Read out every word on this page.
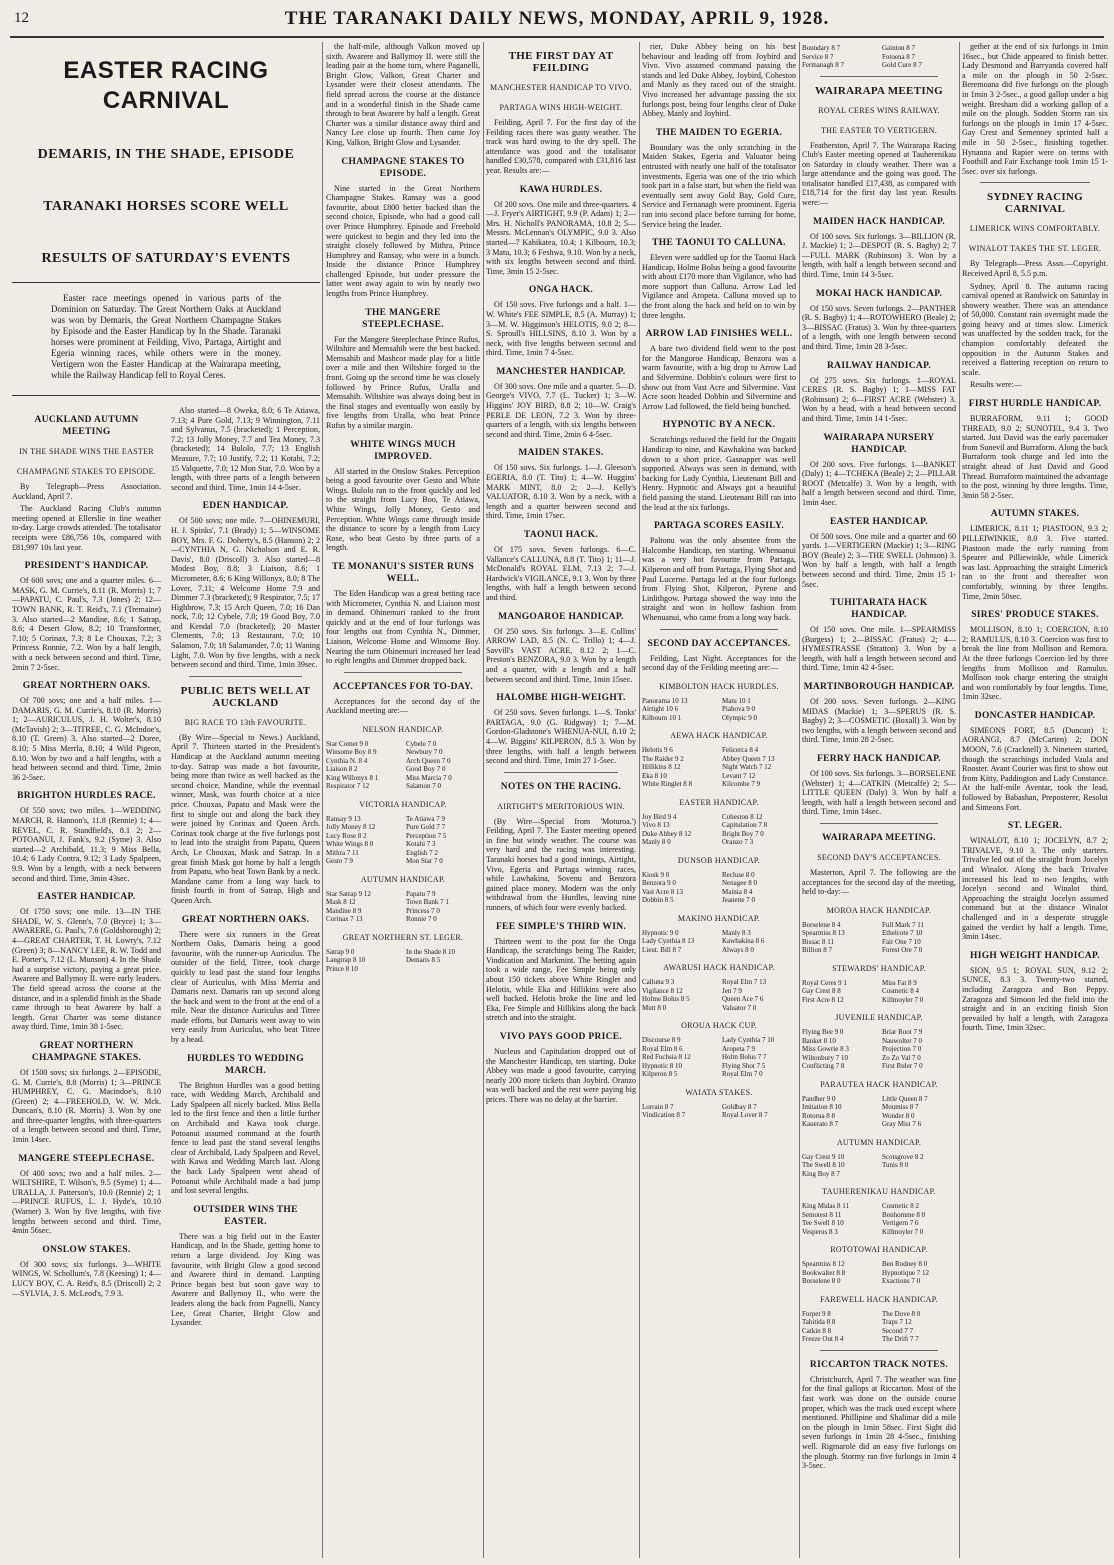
12	THE TARANAKI DAILY NEWS, MONDAY, APRIL 9, 1928.
EASTER RACING CARNIVAL
DEMARIS, IN THE SHADE, EPISODE
TARANAKI HORSES SCORE WELL
RESULTS OF SATURDAY'S EVENTS

Easter race meetings opened in various parts of the Dominion on Saturday. The Great Northern Oaks at Auckland was won by Demaris, the Great Northern Champagne Stakes by Episode and the Easter Handicap by In the Shade. Taranaki horses were prominent at Feilding, Vivo, Partaga, Airtight and Egeria winning races, while others were in the money. Vertigern won the Easter Handicap at the Wairarapa meeting, while the Railway Handicap fell to Royal Ceres.

AUCKLAND AUTUMN MEETING
IN THE SHADE WINS THE EASTER
CHAMPAGNE STAKES TO EPISODE.

By Telegraph—Press Association. Auckland, April 7.

The Auckland Racing Club's autumn meeting opened at Ellerslie in fine weather to-day. Large crowds attended. The totalisator receipts were £86,756 10s, compared with £81,997 10s last year.

PRESIDENT'S HANDICAP.

Of 600 sovs; one and a quarter miles. 6—MASK, G. M. Currie's, 8.11 (R. Morris) 1; 7—PAPATU, C. Paul's, 7.3 (Jones) 2; 12—TOWN BANK, R. T. Reid's, 7.1 (Tremaine) 3. Also started—2 Mandine, 8.6; 1 Satrap, 8.6; 4 Desert Glow, 8.2; 10 Transformer, 7.10; 5 Corinax, 7.3; 8 Le Chouxas, 7.2; 3 Princess Ronnie, 7.2. Won by a half length, with a neck between second and third. Time, 2min 7 2-5sec.

GREAT NORTHERN OAKS.

Of 700 sovs; one and a half miles. 1—DAMARIS, G. M. Currie's, 8.10 (R. Morris) 1; 2—AURICULUS, J. H. Wolter's, 8.10 (McTavish) 2; 3—TITREE, C. G. McIndoe's, 8.10 (T. Green) 3. Also started—2 Doree, 8.10; 5 Miss Merrla, 8.10; 4 Wild Pigeon, 8.10. Won by two and a half lengths, with a head between second and third. Time, 2min 36 2-5sec.

BRIGHTON HURDLES RACE.

Of 550 sovs; two miles. 1—WEDDING MARCH, R. Hannon's, 11.8 (Rennie) 1; 4—REVEL, C. R. Standfield's, 8.1 2; 2—POTOANUI, J. Fank's, 9.2 (Syme) 3. Also started—2 Archibald, 11.3; 9 Miss Bella, 10.4; 6 Lady Contra, 9.12; 3 Lady Spalpeen, 9.9. Won by a length, with a neck between second and third. Time, 3min 43sec.

EASTER HANDICAP.

Of 1750 sovs; one mile. 13—IN THE SHADE, W. S. Glenn's, 7.0 (Bryce) 1; 3—AWARERE, G. Paul's, 7.6 (Goldsborough) 2; 4—GREAT CHARTER, T. H. Lowry's, 7.12 (Green) 3; 8—NANCY LEE, R. W. Todd and E. Porter's, 7.12 (L. Munson) 4. In the Shade had a surprise victory, paying a great price. Awarere and Ballymoy II. were early leaders. The field spread across the course at the distance, and in a splendid finish in the Shade came through to beat Awarere by half a length. Great Charter was some distance away third. Time, 1min 38 1-5sec.

GREAT NORTHERN CHAMPAGNE STAKES.

Of 1500 sovs; six furlongs. 2—EPISODE, G. M. Currie's, 8.8 (Morris) 1; 3—PRINCE HUMPHREY, C. G. Macindoe's, 8.10 (Green) 2; 4—FREEHOLD, W. W. Mck. Duncan's, 8.10 (R. Morris) 3. Won by one and three-quarter lengths, with three-quarters of a length between second and third. Time, 1min 14sec.

MANGERE STEEPLECHASE.

Of 400 sovs; two and a half miles. 2—WILTSHIRE, T. Wilson's, 9.5 (Syme) 1; 4—URALLA, J. Patterson's, 10.0 (Rennie) 2; 1—PRINCE RUFUS, L. J. Hyde's, 10.10 (Warner) 3. Won by five lengths, with five lengths between second and third. Time, 4min 56sec.

ONSLOW STAKES.

Of 300 sovs; six furlongs. 3—WHITE WINGS, W. Schollum's, 7.8 (Keesing) 1; 4—LUCY BOY, C. A. Reid's, 8.5 (Driscoll) 2; 2—SYLVIA, J. S. McLeod's, 7.9 3.

Also started—8 Oweka, 8.0; 6 Te Atiawa, 7.13; 4 Pure Gold, 7.13; 9 Winnington, 7.11 and Sylvanus, 7.5 (bracketed); 1 Perception, 7.2; 13 Jolly Money, 7.7 and Tea Money, 7.3 (bracketed); 14 Bulolo, 7.7; 13 English Measure, 7.7; 10 Justify, 7.2; 11 Kotahi, 7.2; 15 Valquette, 7.0; 12 Mon Star, 7.0. Won by a length, with three parts of a length between second and third. Time, 1min 14 4-5sec.

EDEN HANDICAP.

Of 500 sovs; one mile. 7—OHINEMURI, H. J. Spinks', 7.1 (Brady) 1; 5—WINSOME BOY, Mrs. F. G. Doherty's, 8.5 (Hanson) 2; 2—CYNTHIA N, G. Nicholson and E. R. Davis', 8.0 (Driscoll) 3. Also started—8 Modest Boy, 8.8; 3 Liaison, 8.6; 1 Micrometer, 8.6; 6 King Willonyx, 8.0; 8 The Lover, 7.11; 4 Welcome Home 7.9 and Dimmer 7.3 (bracketed); 9 Respirator, 7.5; 17 Highbrow, 7.3; 15 Arch Queen, 7.0; 16 Dan nock, 7.0; 12 Cybele, 7.0; 19 Good Boy, 7.0 and Kendal 7.0 (bracketed); 20 Master Clements, 7.0; 13 Restaurant, 7.0; 10 Salamon, 7.0; 18 Salamander, 7.0; 11 Waning Light, 7.0. Won by five lengths, with a neck between second and third. Time, 1min 39sec.

PUBLIC BETS WELL AT AUCKLAND
BIG RACE TO 13th FAVOURITE.

(By Wire—Special to News.) Auckland, April 7. Thirteen started in the President's Handicap at the Auckland autumn meeting to-day. Satrap was made a hot favourite, being more than twice as well backed as the second choice, Mandine, while the eventual winner, Mask, was fourth choice at a nice price. Chouxas, Papatu and Mask were the first to single out and along the back they were joined by Corinax and Queen Arch. Corinax took charge at the five furlongs post to lead into the straight from Papatu, Queen Arch, Le Chouxas, Mask and Satrap. In a great finish Mask got home by half a length from Papatu, who beat Town Bank by a neck. Mandane came from a long way back to finish fourth in front of Satrap, High and Queen Arch.

GREAT NORTHERN OAKS.

There were six runners in the Great Northern Oaks, Damaris being a good favourite, with the runner-up Auriculus. The outsider of the field, Titree, took charge quickly to lead past the stand four lengths clear of Auriculus, with Miss Merria and Damaris next. Damaris ran up second along the back and went to the front at the end of a mile. Near the distance Auriculus and Titree made efforts, but Damaris went away to win very easily from Auriculus, who beat Titree by a head.

HURDLES TO WEDDING MARCH.

The Brighton Hurdles was a good betting race, with Wedding March, Archibald and Lady Spalpeen all nicely backed. Miss Bella led to the first fence and then a little further on Archibald and Kawa took charge. Potoanui assumed command at the fourth fence to lead past the stand several lengths clear of Archibald, Lady Spalpeen and Revel, with Kawa and Wedding March last. Along the back Lady Spalpeen went ahead of Potoanui while Archibald made a bad jump and lost several lengths.

OUTSIDER WINS THE EASTER.

There was a big field out in the Easter Handicap, and In the Shade, getting home to return a large dividend. Joy King was favourite, with Bright Glow a good second and Awarere third in demand. Lanpting Prince began best but soon gave way to Awarere and Ballymoy II., who were the leaders along the back from Pagnelli, Nancy Lee, Great Charter, Bright Glow and Lysander.

the half-mile, although Valkon moved up sixth. Awarere and Ballymoy II. were still the leading pair at the home turn, where Paganelli, Bright Glow, Valkon, Great Charter and Lysander were their closest attendants. The field spread across the course at the distance and in a wonderful finish in the Shade came through to beat Awarere by half a length. Great Charter was a similar distance away third and Nancy Lee close up fourth. Then came Joy King, Valkon, Bright Glow and Lysander.

CHAMPAGNE STAKES TO EPISODE.

Nine started in the Great Northern Champagne Stakes. Ransay was a good favourite, about £800 better backed than the second choice, Episode, who had a good call over Prince Humphrey. Episode and Freehold were quickest to begin and they led into the straight closely followed by Mithra, Prince Humphrey and Ransay, who were in a bunch. Inside the distance Prince Humphrey challenged Episode, but under pressure the latter went away again to win by nearly two lengths from Prince Humphrey.

THE MANGERE STEEPLECHASE.

For the Mangere Steeplechase Prince Rufus, Wiltshire and Memsahib were the best backed. Memsahib and Mashcor made play for a little over a mile and then Wiltshire forged to the front. Going up the second time he was closely followed by Prince Rufus, Uralla and Memsahib. Wiltshire was always doing best in the final stages and eventually won easily by five lengths from Uralla, who beat Prince Rufus by a similar margin.

WHITE WINGS MUCH IMPROVED.

All started in the Onslow Stakes. Perception being a good favourite over Gesto and White Wings. Bulolo ran to the front quickly and led to the straight from Lucy Boo, Te Atiawa, White Wings, Jolly Money, Gesto and Perception. White Wings came through inside the distance to score by a length from Lucy Rose, who beat Gesto by three parts of a length.

TE MONANUI'S SISTER RUNS WELL.

The Eden Handicap was a great betting race with Micrometer, Cynthia N. and Liaison most in demand. Ohinemuri ranked to the front quickly and at the end of four furlongs was four lengths out from Cynthia N., Dimmer, Liaison, Welcome Home and Winsome Boy. Nearing the turn Ohinemuri increased her lead to eight lengths and Dimmer dropped back.

ACCEPTANCES FOR TO-DAY.

Acceptances for the second day of the Auckland meeting are:—

NELSON HANDICAP.
Star Comet 9 0	Cybele 7 0
Winsome Boy 8 9	Newbury 7 0
Cynthia N. 8 4	Arch Queen 7 0
Liaison 8 2	Good Boy 7 0
King Willonyx 8 1	Miss Marcia 7 0
Respirator 7 12	Salamon 7 0
VICTORIA HANDICAP.
Ransay 9 13	Te Atiawa 7 9
Jolly Money 8 12	Pure Gold 7 7
Lucy Rose 8 2	Perception 7 5
White Wings 8 0	Kotahi 7 3
Mithra 7 11	English 7 2
Gesto 7 9	Mon Star 7 0
AUTUMN HANDICAP.
Star Satrap 9 12	Papatu 7 9
Mask 8 12	Town Bank 7 1
Mandine 8 9	Princess 7 0
Corinax 7 13	Ronnie 7 0
GREAT NORTHERN ST. LEGER.
Satrap 9 0	In the Shade 8 10
Langtrap 8 10	Demaris 8 5
Prince 8 10
THE FIRST DAY AT FEILDING
MANCHESTER HANDICAP TO VIVO.
PARTAGA WINS HIGH-WEIGHT.

Feilding, April 7. For the first day of the Feilding races there was gusty weather. The track was hard owing to the dry spell. The attendance was good and the totalisator handled £30,578, compared with £31,816 last year. Results are:—

KAWA HURDLES.

Of 200 sovs. One mile and three-quarters. 4—J. Fryer's AIRTIGHT, 9.9 (P. Adam) 1; 2—Mrs. H. Nicholl's PANORAMA, 10.8 2; 5—Messrs. McLennan's OLYMPIC, 9.0 3. Also started—7 Kahikatea, 10.4; 1 Kilbourn, 10.3; 3 Matu, 10.3; 6 Feshwa, 9.10. Won by a neck, with six lengths between second and third. Time, 3min 15 2-5sec.

ONGA HACK.

Of 150 sovs. Five furlongs and a half. 1—W. White's FEE SIMPLE, 8.5 (A. Murray) 1; 3—M. W. Higginson's HELOTIS, 9.0 2; 8—S. Sproull's HILLSINS, 8.10 3. Won by a neck, with five lengths between second and third. Time, 1min 7 4-5sec.

MANCHESTER HANDICAP.

Of 300 sovs. One mile and a quarter. 5—D. George's VIVO, 7.7 (L. Tucker) 1; 3—W. Higgins' JOY BIRD, 8.8 2; 10—W. Craig's PERLE DE LEON, 7.2 3. Won by three-quarters of a length, with six lengths between second and third. Time, 2min 6 4-5sec.

MAIDEN STAKES.

Of 150 sovs. Six furlongs. 1—J. Gleeson's EGERIA, 8.0 (T. Tito) 1; 4—W. Huggins' MARK MINT, 8.0 2; 2—J. Kelly's VALUATOR, 8.10 3. Won by a neck, with a length and a quarter between second and third. Time, 1min 17sec.

TAONUI HACK.

Of 175 sovs. Seven furlongs. 6—C. Vallance's CALLUNA, 8.8 (T. Tito) 1; 11—J. McDonald's ROYAL ELM, 7.13 2; 7—J. Hardwick's VIGILANCE, 9.1 3. Won by three lengths, with half a length between second and third.

MANGOAROE HANDICAP.

Of 250 sovs. Six furlongs. 3—E. Collins' ARROW LAD, 8.5 (N. C. Trillo) 1; 4—J. Savvill's VAST ACRE, 8.12 2; 1—C. Preston's BENZORA, 9.0 3. Won by a length and a quarter, with a length and a half between second and third. Time, 1min 15sec.

HALOMBE HIGH-WEIGHT.

Of 250 sovs. Seven furlongs. 1—S. Tonks' PARTAGA, 9.0 (G. Ridgway) 1; 7—M. Gordon-Gladstone's WHENUA-NUI, 8.10 2; 4—W. Biggins' KILPERON, 8.5 3. Won by three lengths, with half a length between second and third. Time, 1min 27 1-5sec.

NOTES ON THE RACING.
AIRTIGHT'S MERITORIOUS WIN.

(By Wire—Special from 'Moturoa.') Feilding, April 7. The Easter meeting opened in fine but windy weather. The course was very hard and the racing was interesting. Taranaki horses had a good innings, Airtight, Vivo, Egeria and Partaga winning races, while Lawhakina, Sovenu and Benzora gained place money. Modern was the only withdrawal from the Hurdles, leaving nine runners, of which four were evenly backed.

FEE SIMPLE'S THIRD WIN.

Thirteen went to the post for the Onga Handicap, the scratchings being The Raider, Vindication and Markmint. The betting again took a wide range, Fee Simple being only about 150 tickets above White Ringlet and Helotis, while Eka and Hillikins were also well backed. Helotis broke the line and led Eka, Fee Simple and Hillikins along the back stretch and into the straight.

VIVO PAYS GOOD PRICE.

Nucleus and Capitulation dropped out of the Manchester Handicap, ten starting. Duke Abbey was made a good favourite, carrying nearly 200 more tickets than Joybird. Oranzo was well backed and the rest were paying big prices. There was no delay at the barrier.

rier, Duke Abbey being on his best behaviour and leading off from Joybird and Vivo. Vivo assumed command passing the stands and led Duke Abbey, Joybird, Coheston and Manly as they raced out of the straight. Vivo increased her advantage passing the six furlongs post, being four lengths clear of Duke Abbey, Manly and Joybird.

THE MAIDEN TO EGERIA.

Boundary was the only scratching in the Maiden Stakes, Egeria and Valuator being entrusted with nearly one half of the totalisator investments. Egeria was one of the trio which took part in a false start, but when the field was eventually sent away Gold Bay, Gold Cure, Service and Fernanagh were prominent. Egeria ran into second place before turning for home, Service being the leader.

THE TAONUI TO CALLUNA.

Eleven were saddled up for the Taonui Hack Handicap, Holme Bolus being a good favourite with about £170 more than Vigilance, who had more support than Calluna. Arrow Lad led Vigilance and Aropeta. Calluna moved up to the front along the back and held on to win by three lengths.

ARROW LAD FINISHES WELL.

A bare two dividend field went to the post for the Mangoroe Handicap, Benzora was a warm favourite, with a big drop to Arrow Lad and Silvermine. Dobbin's colours were first to show out from Vast Acre and Silvermine. Vast Acre soon headed Dobbin and Silvermine and Arrow Lad followed, the field being bunched.

HYPNOTIC BY A NECK.

Scratchings reduced the field for the Ongaiti Handicap to nine, and Kawhakina was backed down to a short price. Gasnapper was well supported. Always was seen in demand, with backing for Lady Cynthia, Lieutenant Bill and Henry. Hypnotic and Always got a beautiful field passing the stand. Lieutenant Bill ran into the lead at the six furlongs.

PARTAGA SCORES EASILY.

Paltonu was the only absentee from the Halcombe Handicap, ten starting. Whenuanui was a very hot favourite from Partaga, Kilperon and off from Partaga, Flying Shot and Paul Lucerne. Partaga led at the four furlongs from Flying Shot, Kilperon, Pyrene and Linlithgow. Partaga showed the way into the straight and won in hollow fashion from Whenuanui, who came from a long way back.

SECOND DAY ACCEPTANCES.

Feilding, Last Night. Acceptances for the second day of the Feilding meeting are:—

KIMBOLTON HACK HURDLES.
Panorama 10 13	Matu 10 1
Airtight 10 6	Piahova 9 0
Kilbourn 10 1	Olympic 9 0
AEWA HACK HANDICAP.
Helotis 9 6	Felicerca 8 4
The Raider 9 2	Abbey Queen 7 13
Hillikins 8 12	Night Watch 7 12
Eka 8 10	Levant 7 12
White Ringlet 8 8	Kilcombe 7 9
EASTER HANDICAP.
Joy Bird 9 4	Coheston 8 12
Vivo 8 13	Capitulation 7 8
Duke Abbey 8 12	Bright Boy 7 0
Manly 8 0	Oranzo 7 3
DUNSOB HANDICAP.
Kiosk 9 0	Recluse 8 0
Benzora 9 0	Nenagee 8 0
Vast Acre 8 13	Mainia 8 4
Dobbin 8 5	Jeanette 7 0
MAKINO HANDICAP.
Hypnotic 9 0	Manly 8 3
Lady Cynthia 8 13	Kawhakina 8 6
Lieut. Bill 8 7	Always 8 0
AWARUSI HACK HANDICAP.
Calluna 9 3	Royal Elm 7 13
Vigilance 8 12	Jen 7 9
Holme Bolus 8 5	Queen Ace 7 6
Mutt 8 0	Valuator 7 0
OROUA HACK CUP.
Discourse 8 9	Lady Cynthia 7 10
Royal Elm 8 6	Aropeta 7 9
Red Fuchsia 8 12	Holm Bolus 7 7
Hypnotic 8 10	Flying Shot 7 5
Kilperon 8 5	Royal Elm 7 0
WAIATA STAKES.
Lorrain 8 7	Goldbay 8 7
Vindication 8 7	Royal Lover 8 7
Boundary 8 7	Gainton 8 7
Service 8 7	Fotoena 8 7
Fermanagh 8 7	Gold Cure 8 7
WAIRARAPA MEETING
ROYAL CERES WINS RAILWAY.
THE EASTER TO VERTIGERN.

Featherston, April 7. The Wairarapa Racing Club's Easter meeting opened at Tauherenikau on Saturday in cloudy weather. There was a large attendance and the going was good. The totalisator handled £17,438, as compared with £18,714 for the first day last year. Results were:—

MAIDEN HACK HANDICAP.

Of 100 sovs. Six furlongs. 3—BILLION (R. J. Mackie) 1; 2—DESPOT (R. S. Bagby) 2; 7—FULL MARK (Robinson) 3. Won by a length, with half a length between second and third. Time, 1min 14 3-5sec.

MOKAI HACK HANDICAP.

Of 150 sovs. Seven furlongs. 2—PANTHER (R. S. Bagby) 1; 4—ROTOWHERO (Beale) 2; 3—BISSAC (Fratus) 3. Won by three-quarters of a length, with one length between second and third. Time, 1min 28 3-5sec.

RAILWAY HANDICAP.

Of 275 sovs. Six furlongs. 1—ROYAL CERES (R. S. Bagby) 1; 1—MISS FAT (Robinson) 2; 6—FIRST ACRE (Webster) 3. Won by a head, with a head between second and third. Time, 1min 14 1-5sec.

WAIRARAPA NURSERY HANDICAP.

Of 200 sovs. Five furlongs. 1—BANKET (Daly) 1; 4—TCHEKA (Beale) 2; 2—PILLAR ROOT (Metcalfe) 3. Won by a length, with half a length between second and third. Time, 1min 4sec.

EASTER HANDICAP.

Of 500 sovs. One mile and a quarter and 60 yards. 1—VERTIGERN (Mackie) 1; 3—RING BOY (Beale) 2; 3—THE SWELL (Johnson) 3. Won by half a length, with half a length between second and third. Time, 2min 15 1-5sec.

TUHITARATA HACK HANDICAP.

Of 150 sovs. One mile. 1—SPEARMISS (Burgess) 1; 2—BISSAC (Fratus) 2; 4—HYMESTRASSE (Stratton) 3. Won by a length, with half a length between second and third. Time, 1min 42 4-5sec.

MARTINBOROUGH HANDICAP.

Of 200 sovs. Seven furlongs. 2—KING MIDAS (Mackie) 1; 3—SPERUS (R. S. Bagby) 2; 3—COSMETIC (Boxall) 3. Won by two lengths, with a length between second and third. Time, 1min 28 2-5sec.

FERRY HACK HANDICAP.

Of 100 sovs. Six furlongs. 3—BORSELENE (Webster) 1; 4—CATKIN (Metcalfe) 2; 5—LITTLE QUEEN (Daly) 3. Won by half a length, with half a length between second and third. Time, 1min 14sec.

WAIRARAPA MEETING.
SECOND DAY'S ACCEPTANCES.

Masterton, April 7. The following are the acceptances for the second day of the meeting, held to-day:—

MOROA HACK HANDICAP.
Borselene 8 4	Full Mark 7 11
Spearmiss 8 13	Ethelcote 7 10
Bissac 8 11	Fair One 7 10
Billion 8 7	Forest Ore 7 0
STEWARDS' HANDICAP.
Royal Ceres 9 1	Miss Fat 8 9
Gay Crest 8 8	Cosmetic 8 4
First Acre 8 12	Killmoyler 7 0
JUVENILE HANDICAP.
Flying Bee 9 0	Briar Root 7 9
Banket 8 10	Nauwolter 7 0
Miss Gowrie 8 3	Projection 7 0
Wiltonbury 7 10	Zo Zo Val 7 0
Conflicting 7 8	First Ruler 7 0
PARAUTEA HACK HANDICAP.
Pandher 9 0	Little Queen 8 7
Imitation 8 10	Moumiss 8 7
Rotorua 8 8	Wonder 8 0
Kauerato 8 7	Gray Mist 7 6
AUTUMN HANDICAP.
Gay Crest 9 10	Scotsgrove 8 2
The Swell 8 10	Tunis 8 0
King Boy 8 7
TAUHERENIKAU HANDICAP.
King Midas 8 11	Cosmetic 8 2
Semotest 8 11	Bonhomme 8 0
Tee Swell 8 10	Vertigern 7 6
Vesperus 8 3	Killmoyler 7 0
ROTOTOWAI HANDICAP.
Spearmiss 8 12	Ben Rodney 8 0
Bookwalter 8 8	Hypnotique 7 12
Borselene 8 0	Exactions 7 0
FAREWELL HACK HANDICAP.
Forpet 9 8	The Dove 8 0
Tahitida 8 8	Traps 7 12
Catkin 8 8	Second 7 7
Freeze Out 8 4	The Drift 7 7
RICCARTON TRACK NOTES.

Christchurch, April 7. The weather was fine for the final gallops at Riccarton. Most of the fast work was done on the outside course proper, which was the track used except where mentioned. Phillipine and Shalimar did a mile on the plough in 1min 58sec. First Sight did seven furlongs in 1min 28 4-5sec., finishing well. Rigmarole did an easy five furlongs on the plough. Stormy ran five furlongs in 1min 4 3-5sec.

gether at the end of six furlongs in 1min 16sec., but Chide appeared to finish better. Lady Desmond and Barryanda covered half a mile on the plough in 50 2-5sec. Beremoana did five furlongs on the plough in 1min 3 2-5sec., a good gallop under a big weight. Bresham did a working gallop of a mile on the plough. Sodden Storm ran six furlongs on the plough in 1min 17 4-5sec. Gay Crest and Semenney sprinted half a mile in 50 2-5sec., finishing together. Hynanna and Rapier were on terms with Foothill and Fair Exchange took 1min 15 1-5sec. over six furlongs.

SYDNEY RACING CARNIVAL
LIMERICK WINS COMFORTABLY.
WINALOT TAKES THE ST. LEGER.

By Telegraph—Press Assn.—Copyright. Received April 8, 5.5 p.m.

Sydney, April 8. The autumn racing carnival opened at Randwick on Saturday in showery weather. There was an attendance of 50,000. Constant rain overnight made the going heavy and at times slow. Limerick was unaffected by the sodden track, for the champion comfortably defeated the opposition in the Autumn Stakes and received a flattering reception on return to scale.

Results were:—

FIRST HURDLE HANDICAP.

BURRAFORM, 9.11 1; GOOD THREAD, 9.0 2; SUNOTEL, 9.4 3. Two started. Just David was the early pacemaker from Sunevil and Burraform. Along the back Burraform took charge and led into the straight ahead of Just David and Good Thread. Burraform maintained the advantage to the post, winning by three lengths. Time, 3min 58 2-5sec.

AUTUMN STAKES.

LIMERICK, 8.11 1; PIASTOON, 9.3 2; PILLEIWINKIE, 8.0 3. Five started. Piastoon made the early running from Spearer and Pilliewinkle, while Limerick was last. Approaching the straight Limerick ran to the front and thereafter won comfortably, winning by three lengths. Time, 2min 50sec.

SIRES' PRODUCE STAKES.

MOLLISON, 8.10 1; COERCION, 8.10 2; RAMULUS, 8.10 3. Coercion was first to break the line from Mollison and Remora. At the three furlongs Coercion led by three lengths from Mollison and Ramulus. Mollison took charge entering the straight and won comfortably by four lengths. Time, 1min 32sec.

DONCASTER HANDICAP.

SIMEONS FORT, 8.5 (Duncan) 1; AORANGI, 8.7 (McCarten) 2; DON MOON, 7.6 (Cracknell) 3. Nineteen started, though the scratchings included Vaula and Rooster. Avant Courier was first to show out from Kitty, Paddington and Lady Constance. At the half-mile Aventar, took the lead, followed by Babashan, Preposterer, Resolut and Simeons Fort.

ST. LEGER.

WINALOT, 8.10 1; JOCELYN, 8.7 2; TRIVALVE, 9.10 3. The only starters. Trivalve led out of the straight from Jocelyn and Winalot. Along the back Trivalve increased his lead to two lengths, with Jocelyn second and Winalot third. Approaching the straight Jocelyn assumed command but at the distance Winalot challenged and in a desperate struggle gained the verdict by half a length. Time, 3min 14sec.

HIGH WEIGHT HANDICAP.

SION, 9.5 1; ROYAL SUN, 9.12 2; SUNCE, 8.3 3. Twenty-two started, including Zaragoza and Bon Peppy. Zaragoza and Simoon led the field into the straight and in an exciting finish Sion prevailed by half a length, with Zaragoza fourth. Time, 1min 32sec.
